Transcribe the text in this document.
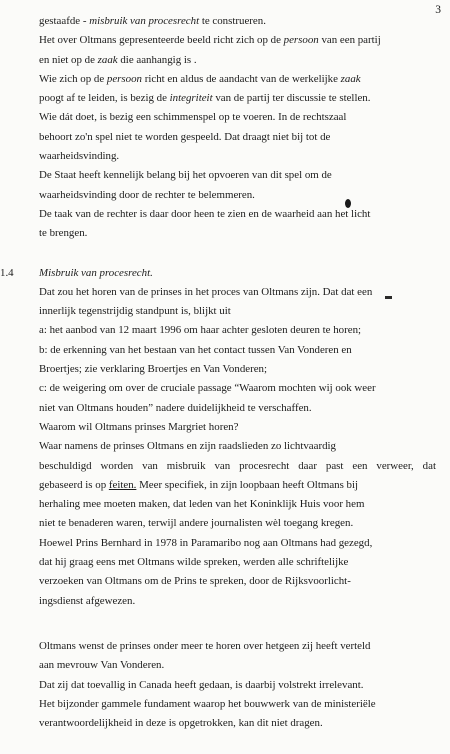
3
gestaafde - misbruik van procesrecht te construeren.
Het over Oltmans gepresenteerde beeld richt zich op de persoon van een partij
en niet op de zaak die aanhangig is .
Wie zich op de persoon richt en aldus de aandacht van de werkelijke zaak
poogt af te leiden, is bezig de integriteit van de partij ter discussie te stellen.
Wie dát doet, is bezig een schimmenspel op te voeren. In de rechtszaal
behoort zo'n spel niet te worden gespeeld. Dat draagt niet bij tot de
waarheidsvinding.
De Staat heeft kennelijk belang bij het opvoeren van dit spel om de
waarheidsvinding door de rechter te belemmeren.
De taak van de rechter is daar door heen te zien en de waarheid aan het licht
te brengen.
1.4 Misbruik van procesrecht.
Dat zou het horen van de prinses in het proces van Oltmans zijn. Dat dat een
innerlijk tegenstrijdig standpunt is, blijkt uit
a: het aanbod van 12 maart 1996 om haar achter gesloten deuren te horen;
b: de erkenning van het bestaan van het contact tussen Van Vonderen en
Broertjes; zie verklaring Broertjes en Van Vonderen;
c: de weigering om over de cruciale passage “Waarom mochten wij ook weer
niet van Oltmans houden” nadere duidelijkheid te verschaffen.
Waarom wil Oltmans prinses Margriet horen?
Waar namens de prinses Oltmans en zijn raadslieden zo lichtvaardig
beschuldigd worden van misbruik van procesrecht daar past een verweer, dat
gebaseerd is op feiten. Meer specifiek, in zijn loopbaan heeft Oltmans bij
herhaling mee moeten maken, dat leden van het Koninklijk Huis voor hem
niet te benaderen waren, terwijl andere journalisten wèl toegang kregen.
Hoewel Prins Bernhard in 1978 in Paramaribo nog aan Oltmans had gezegd,
dat hij graag eens met Oltmans wilde spreken, werden alle schriftelijke
verzoeken van Oltmans om de Prins te spreken, door de Rijksvoorlicht-
ingsdienst afgewezen.
Oltmans wenst de prinses onder meer te horen over hetgeen zij heeft verteld
aan mevrouw Van Vonderen.
Dat zij dat toevallig in Canada heeft gedaan, is daarbij volstrekt irrelevant.
Het bijzonder gammele fundament waarop het bouwwerk van de ministeriële
verantwoordelijkheid in deze is opgetrokken, kan dit niet dragen.
